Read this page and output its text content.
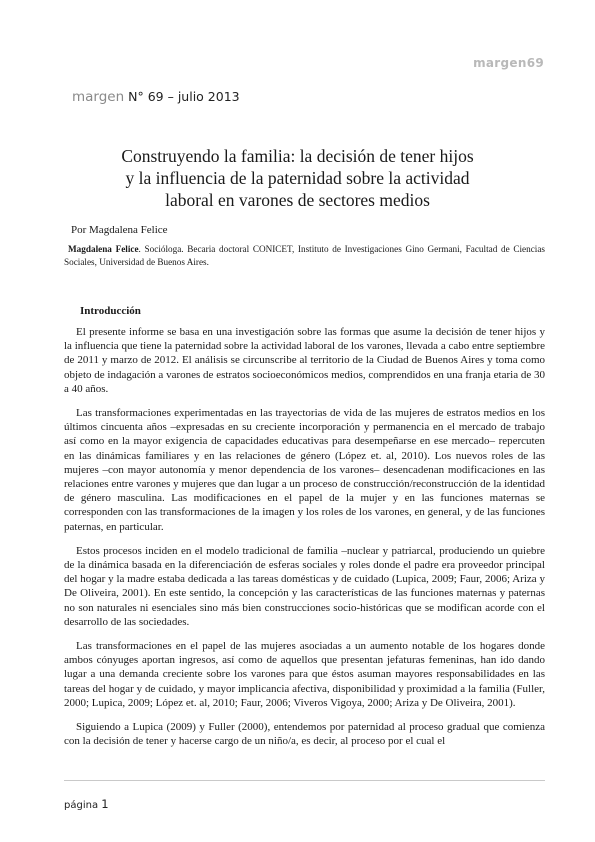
margen69
margen N° 69 – julio 2013
Construyendo la familia: la decisión de tener hijos
y la influencia de la paternidad sobre la actividad
laboral en varones de sectores medios
Por Magdalena Felice
Magdalena Felice. Socióloga. Becaria doctoral CONICET, Instituto de Investigaciones Gino Germani, Facultad de Ciencias Sociales, Universidad de Buenos Aires.
Introducción

El presente informe se basa en una investigación sobre las formas que asume la decisión de tener hijos y la influencia que tiene la paternidad sobre la actividad laboral de los varones, llevada a cabo entre septiembre de 2011 y marzo de 2012. El análisis se circunscribe al territorio de la Ciudad de Buenos Aires y toma como objeto de indagación a varones de estratos socioeconómicos medios, comprendidos en una franja etaria de 30 a 40 años.

Las transformaciones experimentadas en las trayectorias de vida de las mujeres de estratos medios en los últimos cincuenta años –expresadas en su creciente incorporación y permanencia en el mercado de trabajo así como en la mayor exigencia de capacidades educativas para desempeñarse en ese mercado– repercuten en las dinámicas familiares y en las relaciones de género (López et. al, 2010). Los nuevos roles de las mujeres –con mayor autonomía y menor dependencia de los varones– desencadenan modificaciones en las relaciones entre varones y mujeres que dan lugar a un proceso de construcción/reconstrucción de la identidad de género masculina. Las modificaciones en el papel de la mujer y en las funciones maternas se corresponden con las transformaciones de la imagen y los roles de los varones, en general, y de las funciones paternas, en particular.

Estos procesos inciden en el modelo tradicional de familia –nuclear y patriarcal, produciendo un quiebre de la dinámica basada en la diferenciación de esferas sociales y roles donde el padre era proveedor principal del hogar y la madre estaba dedicada a las tareas domésticas y de cuidado (Lupica, 2009; Faur, 2006; Ariza y De Oliveira, 2001). En este sentido, la concepción y las características de las funciones maternas y paternas no son naturales ni esenciales sino más bien construcciones socio-históricas que se modifican acorde con el desarrollo de las sociedades.

Las transformaciones en el papel de las mujeres asociadas a un aumento notable de los hogares donde ambos cónyuges aportan ingresos, así como de aquellos que presentan jefaturas femeninas, han ido dando lugar a una demanda creciente sobre los varones para que éstos asuman mayores responsabilidades en las tareas del hogar y de cuidado, y mayor implicancia afectiva, disponibilidad y proximidad a la familia (Fuller, 2000; Lupica, 2009; López et. al, 2010; Faur, 2006; Viveros Vigoya, 2000; Ariza y De Oliveira, 2001).

Siguiendo a Lupica (2009) y Fuller (2000), entendemos por paternidad al proceso gradual que comienza con la decisión de tener y hacerse cargo de un niño/a, es decir, al proceso por el cual el

página 1
